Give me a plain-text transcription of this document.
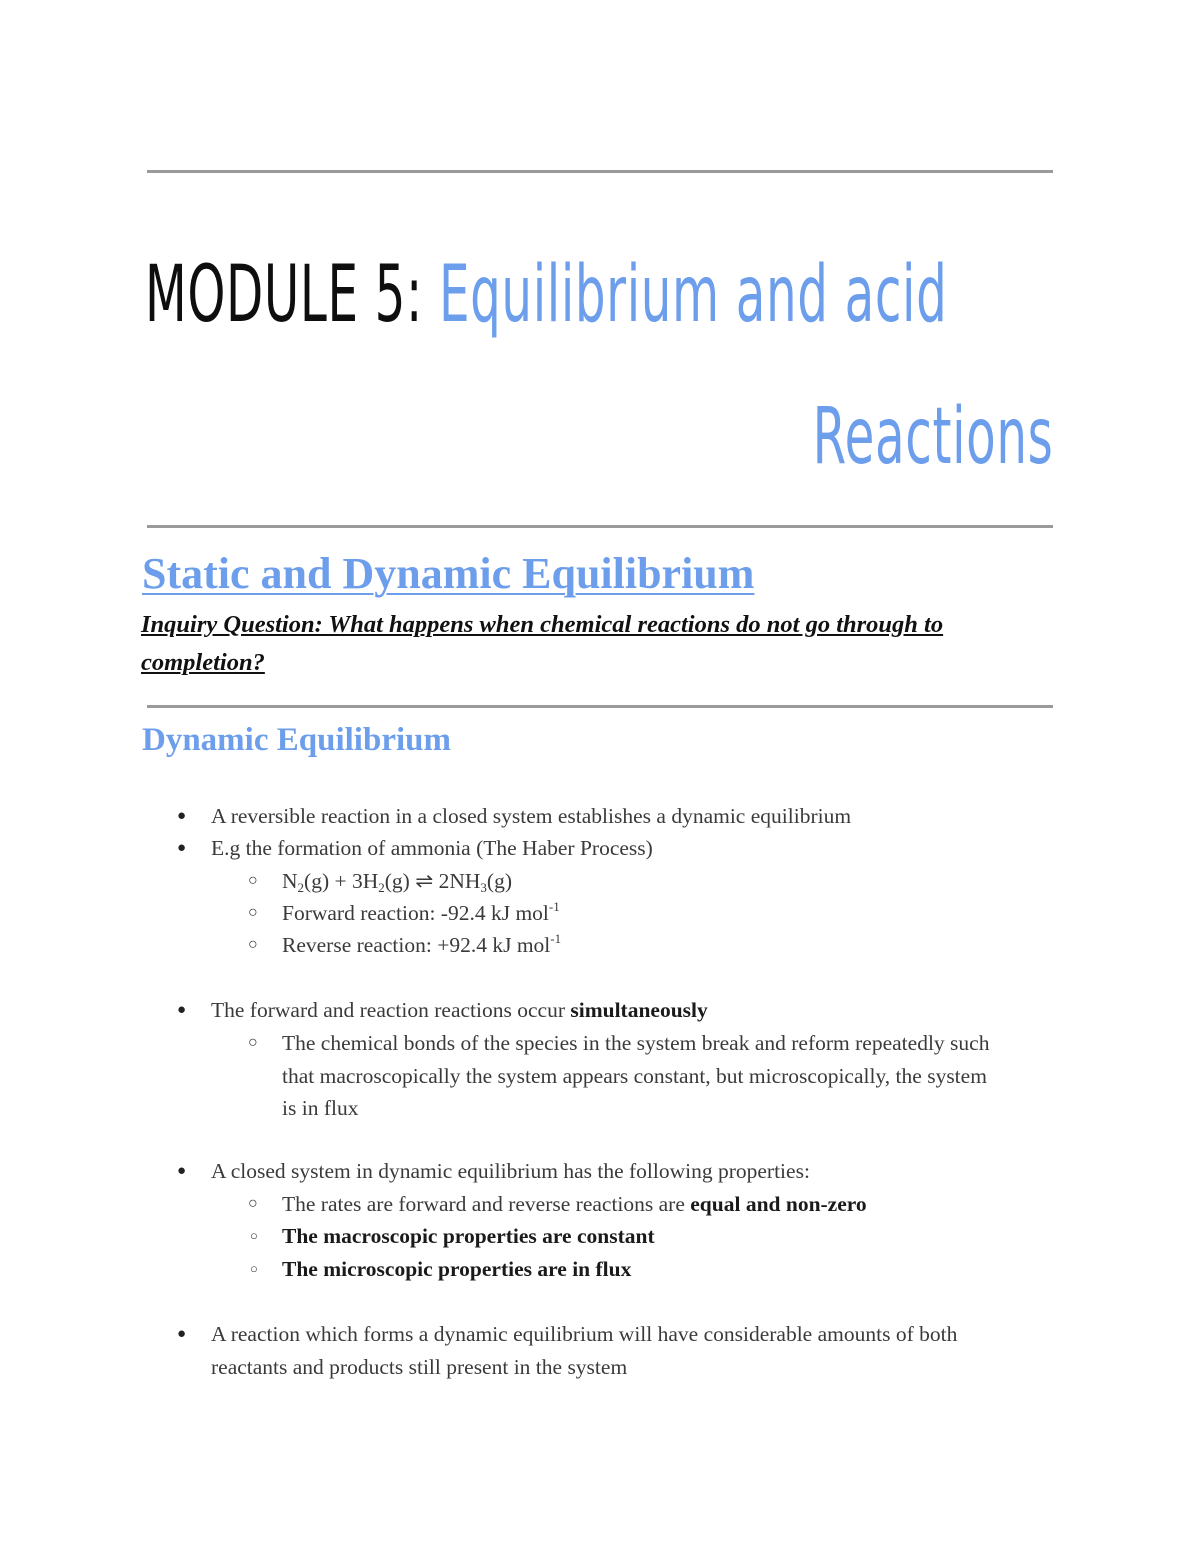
MODULE 5: Equilibrium and acid
Reactions
Static and Dynamic Equilibrium
Inquiry Question: What happens when chemical reactions do not go through to
completion?
Dynamic Equilibrium
● A reversible reaction in a closed system establishes a dynamic equilibrium
● E.g the formation of ammonia (The Haber Process)
○ $N_2(g) + 3H_2(g)$ ⇌ $2NH_3(g)$
○ Forward reaction: -92.4 kJ mol$^{-1}$
○ Reverse reaction: +92.4 kJ mol$^{-1}$
● The forward and reaction reactions occur simultaneously
○ The chemical bonds of the species in the system break and reform repeatedly such
that macroscopically the system appears constant, but microscopically, the system
is in flux
● A closed system in dynamic equilibrium has the following properties:
○ The rates are forward and reverse reactions are equal and non-zero
○ The macroscopic properties are constant
○ The microscopic properties are in flux
● A reaction which forms a dynamic equilibrium will have considerable amounts of both
reactants and products still present in the system
